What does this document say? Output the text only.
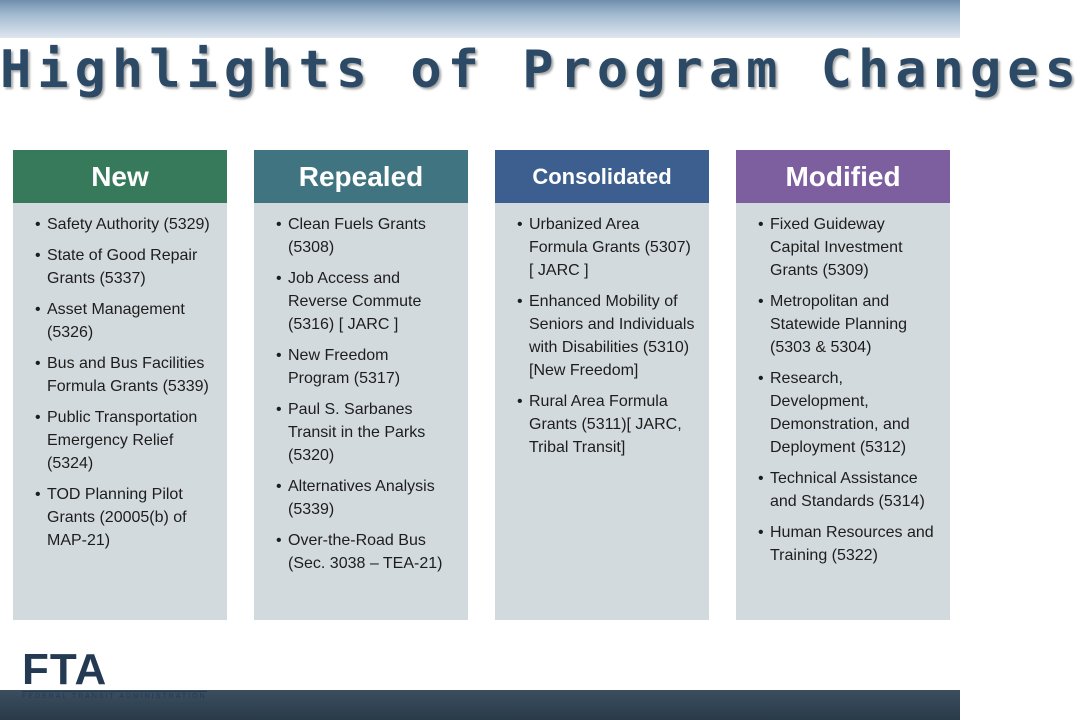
Highlights of Program Changes
New
• Safety Authority (5329)
• State of Good Repair Grants (5337)
• Asset Management (5326)
• Bus and Bus Facilities Formula Grants (5339)
• Public Transportation Emergency Relief (5324)
• TOD Planning Pilot Grants (20005(b) of MAP-21)
Repealed
• Clean Fuels Grants (5308)
• Job Access and Reverse Commute (5316) [ JARC ]
• New Freedom Program (5317)
• Paul S. Sarbanes Transit in the Parks (5320)
• Alternatives Analysis (5339)
• Over-the-Road Bus (Sec. 3038 – TEA-21)
Consolidated
• Urbanized Area Formula Grants (5307) [ JARC ]
• Enhanced Mobility of Seniors and Individuals with Disabilities (5310) [New Freedom]
• Rural Area Formula Grants (5311)[ JARC, Tribal Transit]
Modified
• Fixed Guideway Capital Investment Grants (5309)
• Metropolitan and Statewide Planning (5303 & 5304)
• Research, Development, Demonstration, and Deployment (5312)
• Technical Assistance and Standards (5314)
• Human Resources and Training (5322)
FTA
FEDERAL TRANSIT ADMINISTRATION
